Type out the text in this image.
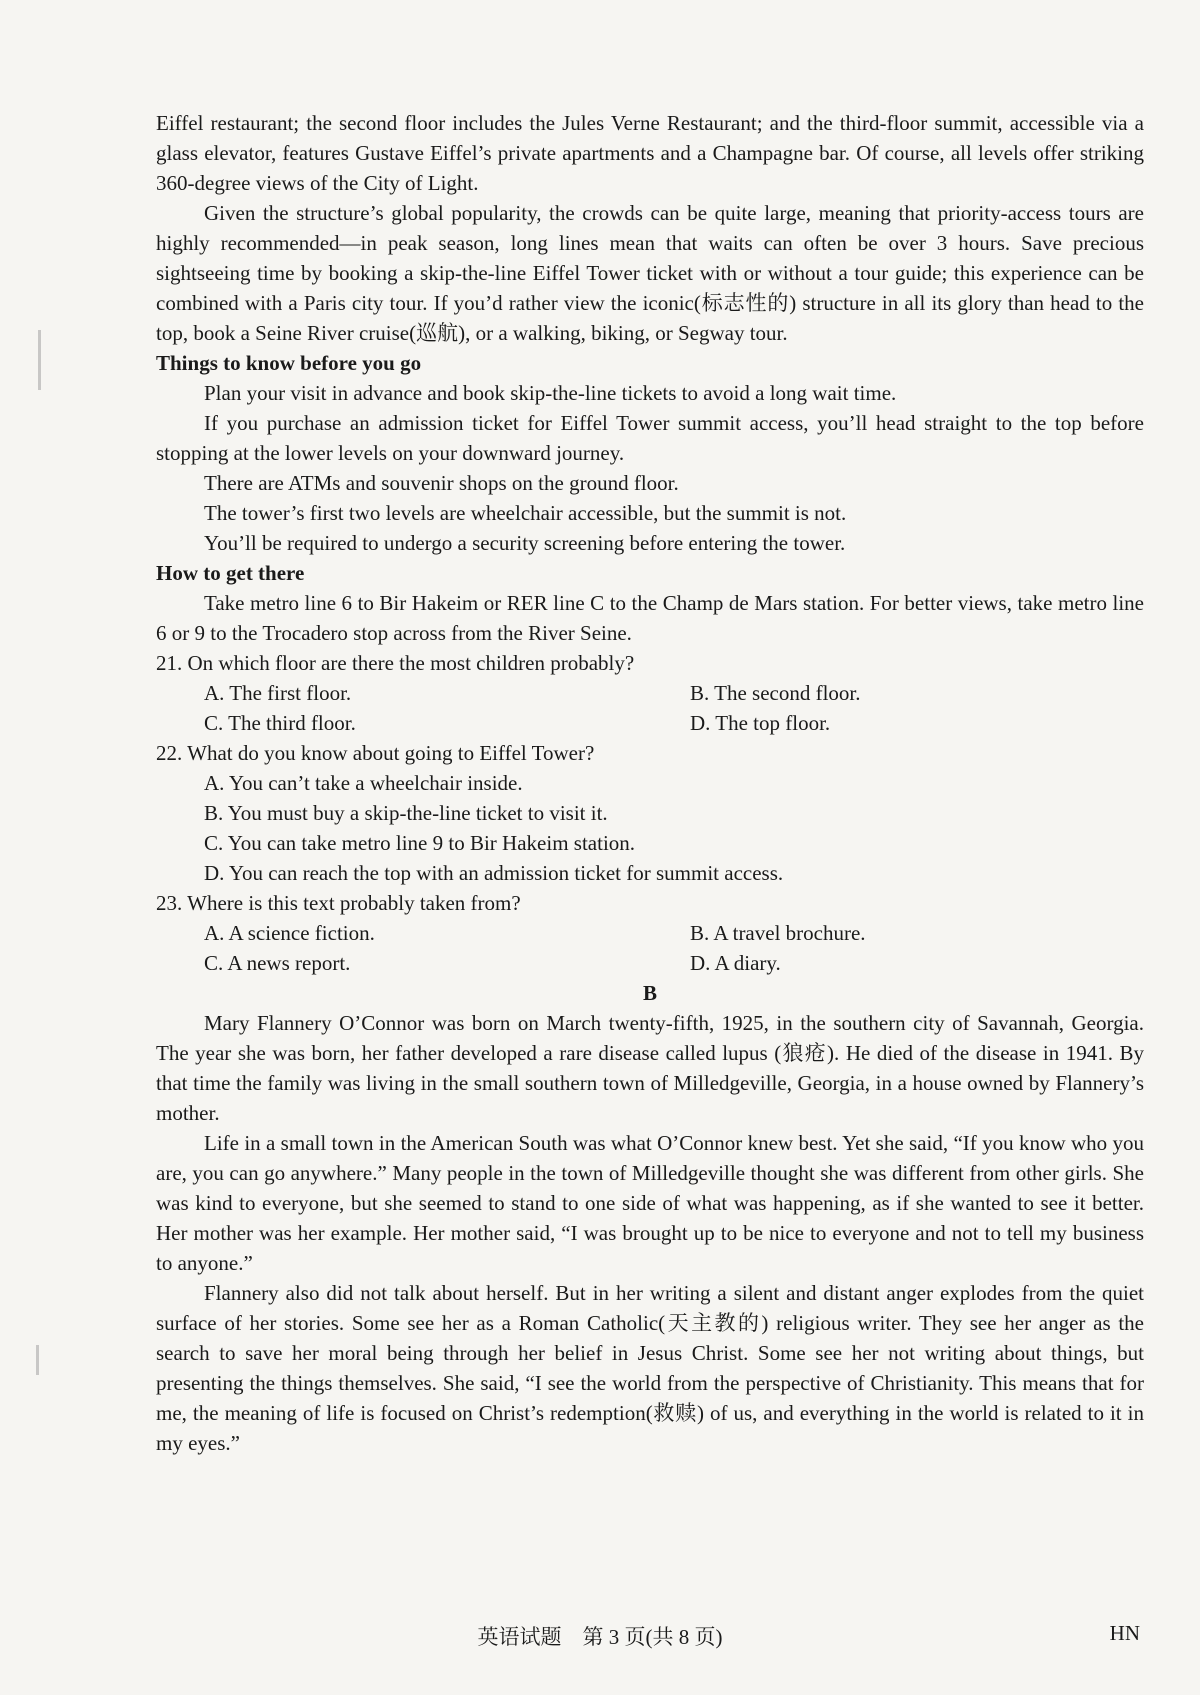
Eiffel restaurant; the second floor includes the Jules Verne Restaurant; and the third-floor summit, accessible via a glass elevator, features Gustave Eiffel’s private apartments and a Champagne bar. Of course, all levels offer striking 360-degree views of the City of Light.

Given the structure’s global popularity, the crowds can be quite large, meaning that priority-access tours are highly recommended—in peak season, long lines mean that waits can often be over 3 hours. Save precious sightseeing time by booking a skip-the-line Eiffel Tower ticket with or without a tour guide; this experience can be combined with a Paris city tour. If you’d rather view the iconic(标志性的) structure in all its glory than head to the top, book a Seine River cruise(巡航), or a walking, biking, or Segway tour.

Things to know before you go

Plan your visit in advance and book skip-the-line tickets to avoid a long wait time.

If you purchase an admission ticket for Eiffel Tower summit access, you’ll head straight to the top before stopping at the lower levels on your downward journey.

There are ATMs and souvenir shops on the ground floor.

The tower’s first two levels are wheelchair accessible, but the summit is not.

You’ll be required to undergo a security screening before entering the tower.

How to get there

Take metro line 6 to Bir Hakeim or RER line C to the Champ de Mars station. For better views, take metro line 6 or 9 to the Trocadero stop across from the River Seine.

21. On which floor are there the most children probably?

A. The first floor.	B. The second floor.
C. The third floor.	D. The top floor.

22. What do you know about going to Eiffel Tower?

A. You can’t take a wheelchair inside.
B. You must buy a skip-the-line ticket to visit it.
C. You can take metro line 9 to Bir Hakeim station.
D. You can reach the top with an admission ticket for summit access.

23. Where is this text probably taken from?

A. A science fiction.	B. A travel brochure.
C. A news report.	D. A diary.

B

Mary Flannery O’Connor was born on March twenty-fifth, 1925, in the southern city of Savannah, Georgia. The year she was born, her father developed a rare disease called lupus (狼疮). He died of the disease in 1941. By that time the family was living in the small southern town of Milledgeville, Georgia, in a house owned by Flannery’s mother.

Life in a small town in the American South was what O’Connor knew best. Yet she said, “If you know who you are, you can go anywhere.” Many people in the town of Milledgeville thought she was different from other girls. She was kind to everyone, but she seemed to stand to one side of what was happening, as if she wanted to see it better. Her mother was her example. Her mother said, “I was brought up to be nice to everyone and not to tell my business to anyone.”

Flannery also did not talk about herself. But in her writing a silent and distant anger explodes from the quiet surface of her stories. Some see her as a Roman Catholic(天主教的) religious writer. They see her anger as the search to save her moral being through her belief in Jesus Christ. Some see her not writing about things, but presenting the things themselves. She said, “I see the world from the perspective of Christianity. This means that for me, the meaning of life is focused on Christ’s redemption(救赎) of us, and everything in the world is related to it in my eyes.”

英语试题　第 3 页(共 8 页)	HN
